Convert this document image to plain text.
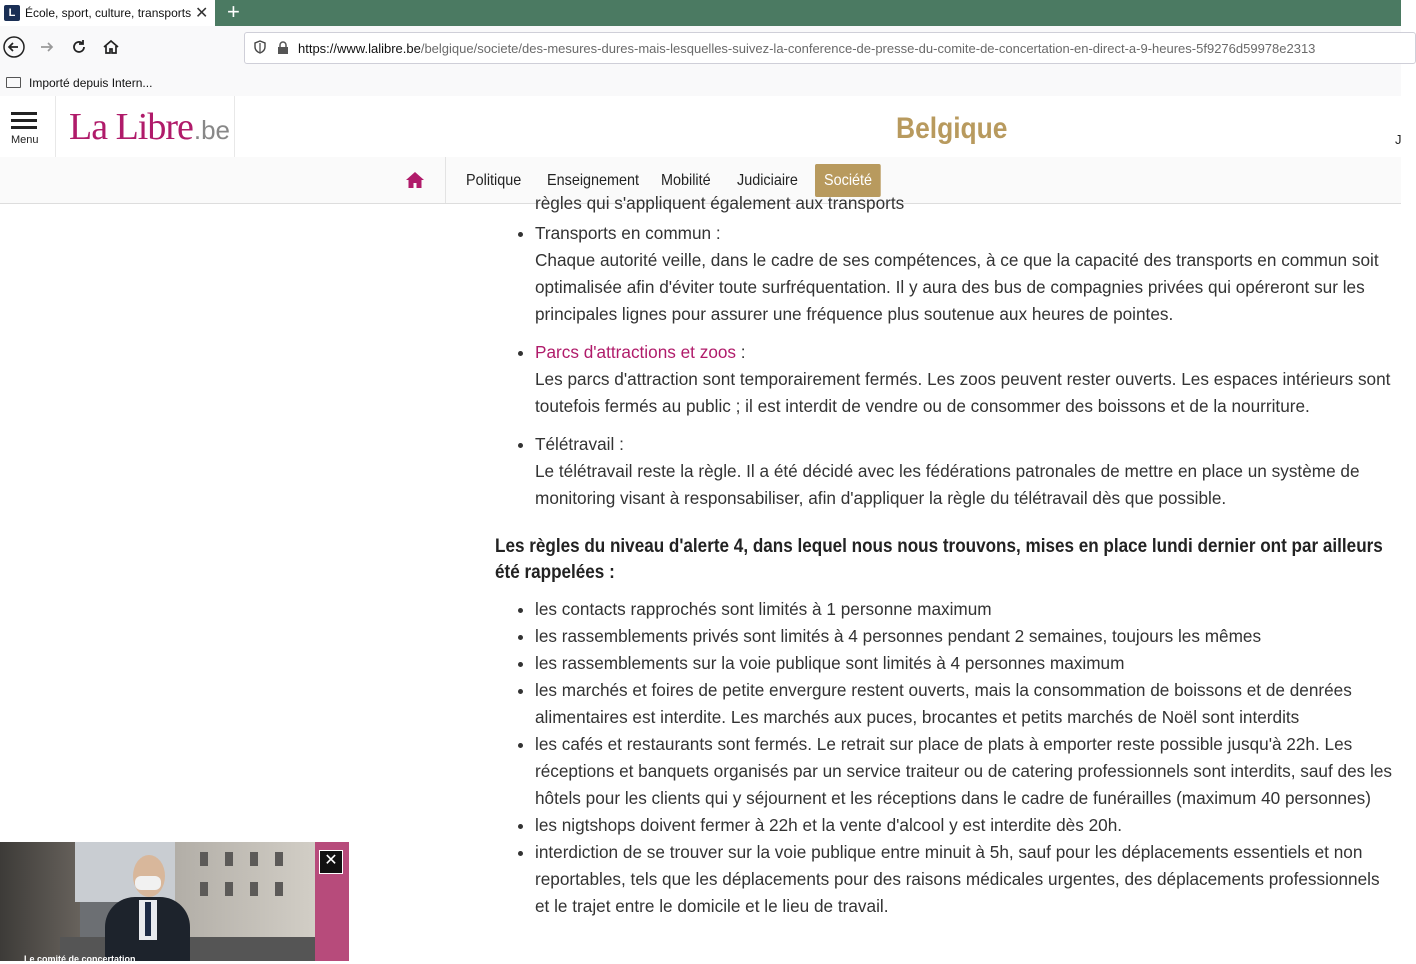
L École, sport, culture, transports ✕ +
https://www.lalibre.be/belgique/societe/des-mesures-dures-mais-lesquelles-suivez-la-conference-de-presse-du-comite-de-concertation-en-direct-a-9-heures-5f9276d59978e2313
Importé depuis Intern...
Menu La Libre .be	Belgique	J
Politique	Enseignement	Mobilité	Judiciaire	Société
règles qui s'appliquent également aux transports
• Transports en commun :
Chaque autorité veille, dans le cadre de ses compétences, à ce que la capacité des transports en commun soit optimalisée afin d'éviter toute surfréquentation. Il y aura des bus de compagnies privées qui opéreront sur les principales lignes pour assurer une fréquence plus soutenue aux heures de pointes.
• Parcs d'attractions et zoos :
Les parcs d'attraction sont temporairement fermés. Les zoos peuvent rester ouverts. Les espaces intérieurs sont toutefois fermés au public ; il est interdit de vendre ou de consommer des boissons et de la nourriture.
• Télétravail :
Le télétravail reste la règle. Il a été décidé avec les fédérations patronales de mettre en place un système de monitoring visant à responsabiliser, afin d'appliquer la règle du télétravail dès que possible.
Les règles du niveau d'alerte 4, dans lequel nous nous trouvons, mises en place lundi dernier ont par ailleurs été rappelées :
• les contacts rapprochés sont limités à 1 personne maximum
• les rassemblements privés sont limités à 4 personnes pendant 2 semaines, toujours les mêmes
• les rassemblements sur la voie publique sont limités à 4 personnes maximum
• les marchés et foires de petite envergure restent ouverts, mais la consommation de boissons et de denrées alimentaires est interdite. Les marchés aux puces, brocantes et petits marchés de Noël sont interdits
• les cafés et restaurants sont fermés. Le retrait sur place de plats à emporter reste possible jusqu'à 22h. Les réceptions et banquets organisés par un service traiteur ou de catering professionnels sont interdits, sauf des les hôtels pour les clients qui y séjournent et les réceptions dans le cadre de funérailles (maximum 40 personnes)
• les nigtshops doivent fermer à 22h et la vente d'alcool y est interdite dès 20h.
• interdiction de se trouver sur la voie publique entre minuit à 5h, sauf pour les déplacements essentiels et non reportables, tels que les déplacements pour des raisons médicales urgentes, des déplacements professionnels et le trajet entre le domicile et le lieu de travail.
✕
Le comité de concertation
